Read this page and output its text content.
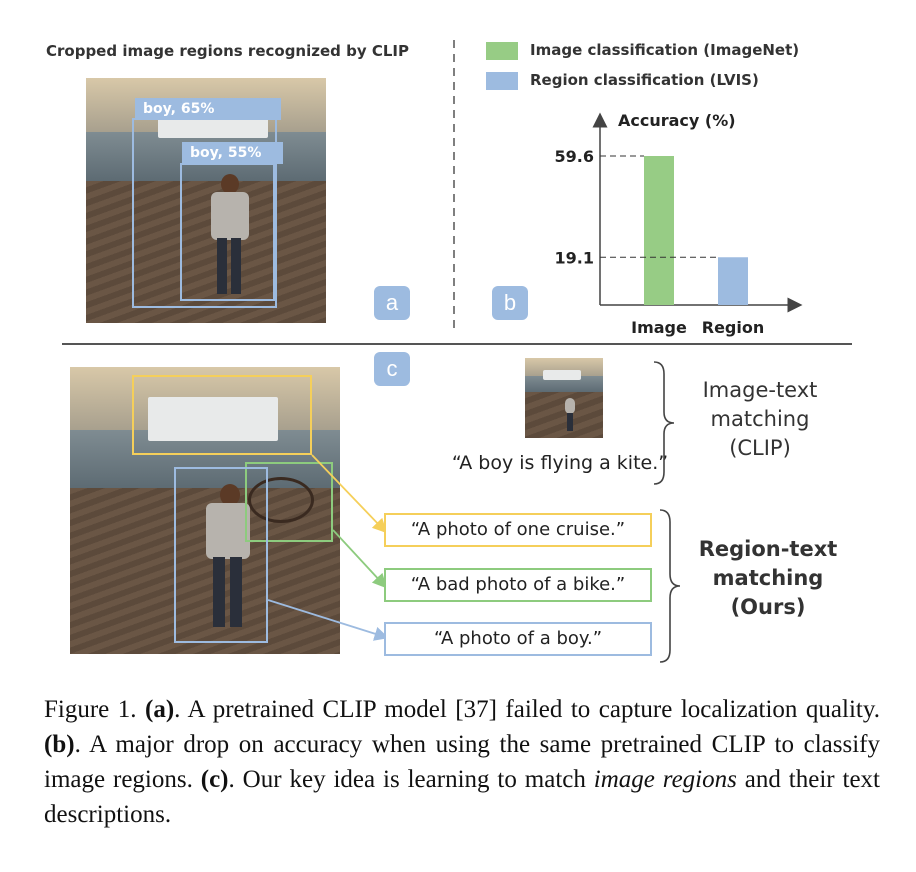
Cropped image regions recognized by CLIP
boy, 65%
boy, 55%
a
Image classification (ImageNet)
Region classification (LVIS)
Accuracy (%)
59.6
Image
19.1
Region
b
c
“A boy is flying a kite.”
Image-text
matching
(CLIP)
“A photo of one cruise.”
“A bad photo of a bike.”
“A photo of a boy.”
Region-text
matching
(Ours)
Figure 1. (a). A pretrained CLIP model [37] failed to capture localization quality. (b). A major drop on accuracy when using the same pretrained CLIP to classify image regions. (c). Our key idea is learning to match image regions and their text descriptions.
